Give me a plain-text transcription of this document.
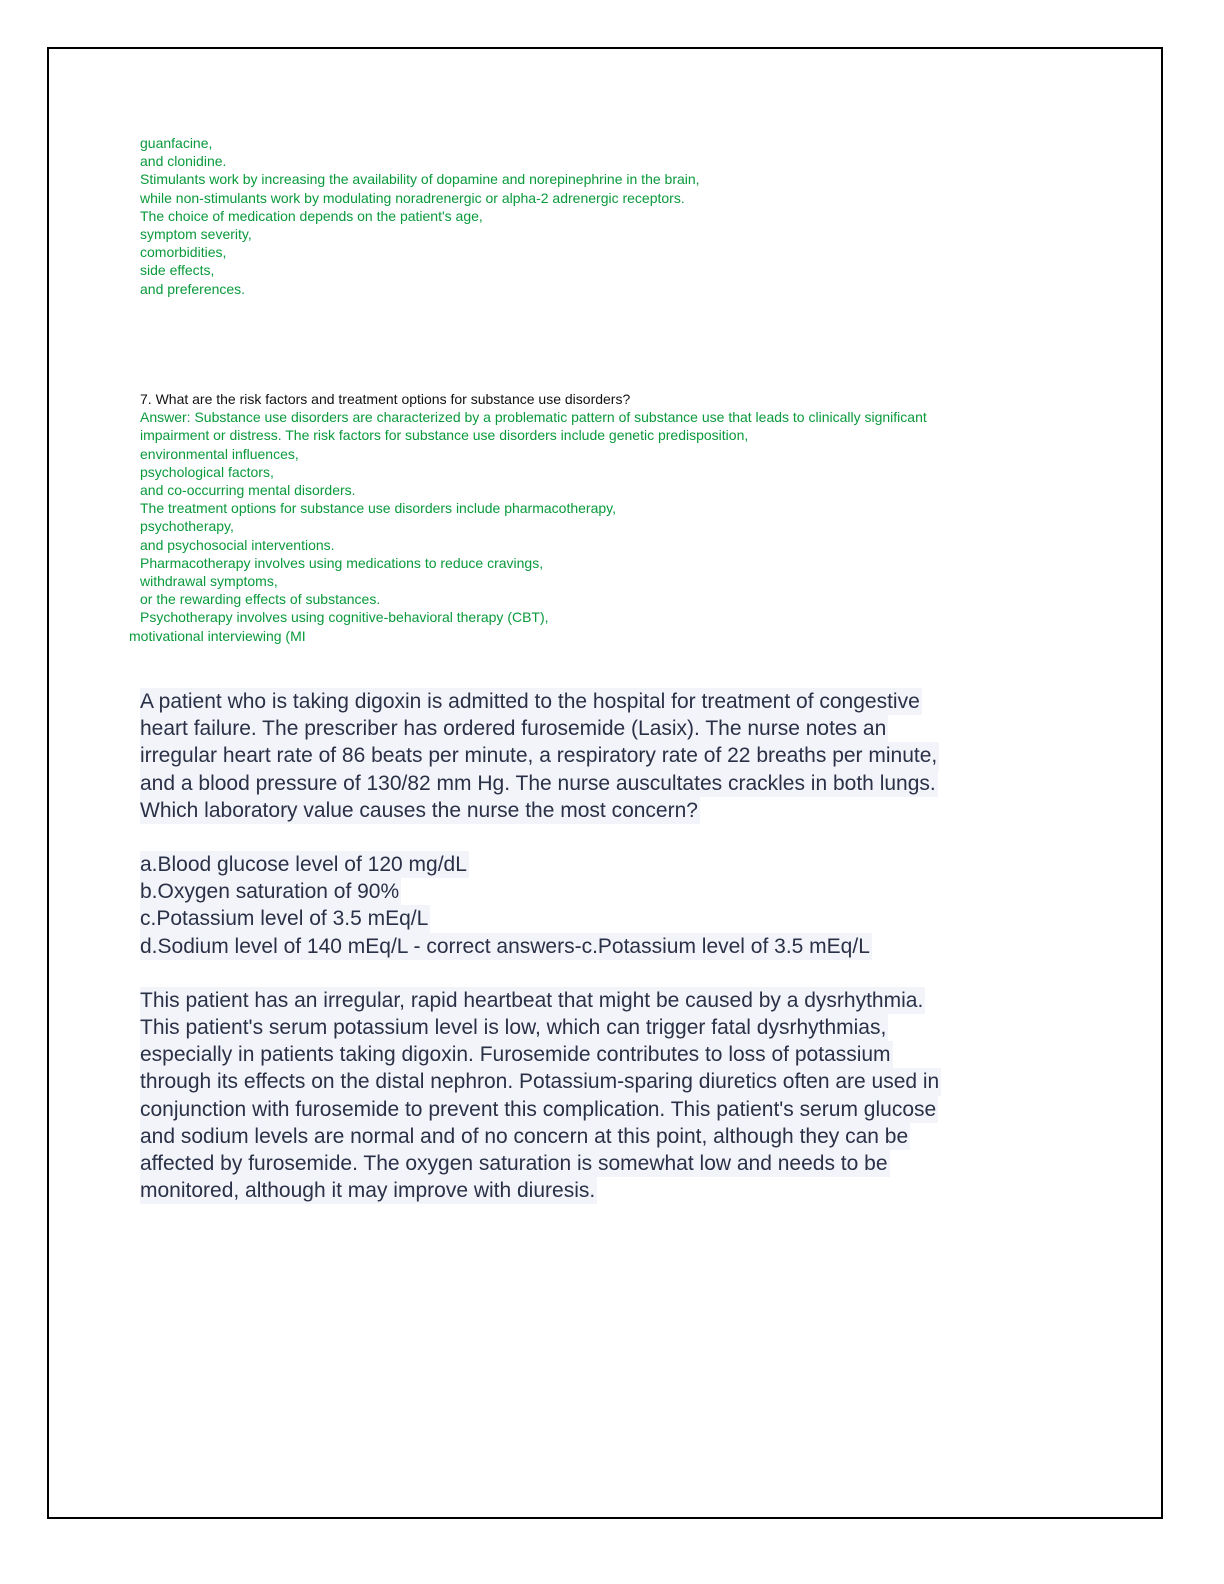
guanfacine,
and clonidine.
Stimulants work by increasing the availability of dopamine and norepinephrine in the brain,
while non-stimulants work by modulating noradrenergic or alpha-2 adrenergic receptors.
The choice of medication depends on the patient's age,
symptom severity,
comorbidities,
side effects,
and preferences.
7. What are the risk factors and treatment options for substance use disorders?
Answer: Substance use disorders are characterized by a problematic pattern of substance use that leads to clinically significant
impairment or distress. The risk factors for substance use disorders include genetic predisposition,
environmental influences,
psychological factors,
and co-occurring mental disorders.
The treatment options for substance use disorders include pharmacotherapy,
psychotherapy,
and psychosocial interventions.
Pharmacotherapy involves using medications to reduce cravings,
withdrawal symptoms,
or the rewarding effects of substances.
Psychotherapy involves using cognitive-behavioral therapy (CBT),
motivational interviewing (MI
A patient who is taking digoxin is admitted to the hospital for treatment of congestive
heart failure. The prescriber has ordered furosemide (Lasix). The nurse notes an
irregular heart rate of 86 beats per minute, a respiratory rate of 22 breaths per minute,
and a blood pressure of 130/82 mm Hg. The nurse auscultates crackles in both lungs.
Which laboratory value causes the nurse the most concern?
a.Blood glucose level of 120 mg/dL
b.Oxygen saturation of 90%
c.Potassium level of 3.5 mEq/L
d.Sodium level of 140 mEq/L - correct answers-c.Potassium level of 3.5 mEq/L
This patient has an irregular, rapid heartbeat that might be caused by a dysrhythmia.
This patient's serum potassium level is low, which can trigger fatal dysrhythmias,
especially in patients taking digoxin. Furosemide contributes to loss of potassium
through its effects on the distal nephron. Potassium-sparing diuretics often are used in
conjunction with furosemide to prevent this complication. This patient's serum glucose
and sodium levels are normal and of no concern at this point, although they can be
affected by furosemide. The oxygen saturation is somewhat low and needs to be
monitored, although it may improve with diuresis.
